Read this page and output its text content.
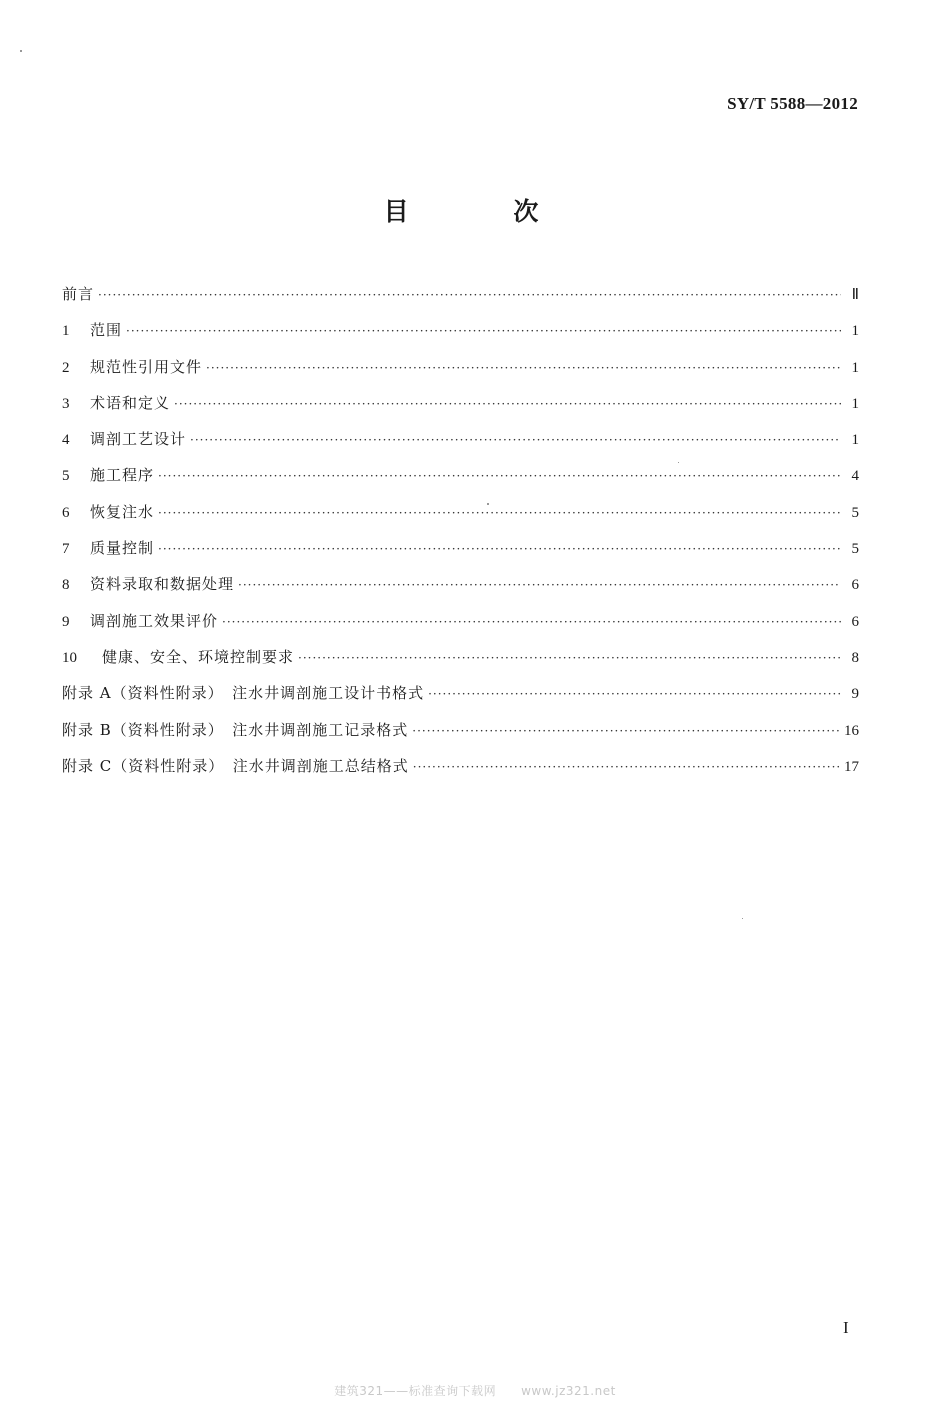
SY/T 5588—2012
目 次
前言 ·····	Ⅱ
1	范围 ·····	1
2	规范性引用文件 ·····	1
3	术语和定义 ·····	1
4	调剖工艺设计 ·····	1
5	施工程序 ·····	4
6	恢复注水 ·····	5
7	质量控制 ·····	5
8	资料录取和数据处理 ·····	6
9	调剖施工效果评价 ·····	6
10	健康、安全、环境控制要求 ·····	8
附录 A（资料性附录）　注水井调剖施工设计书格式 ·····	9
附录 B（资料性附录）　注水井调剖施工记录格式 ·····	16
附录 C（资料性附录）　注水井调剖施工总结格式 ·····	17
I
建筑321——标准查询下载网　　www.jz321.net
